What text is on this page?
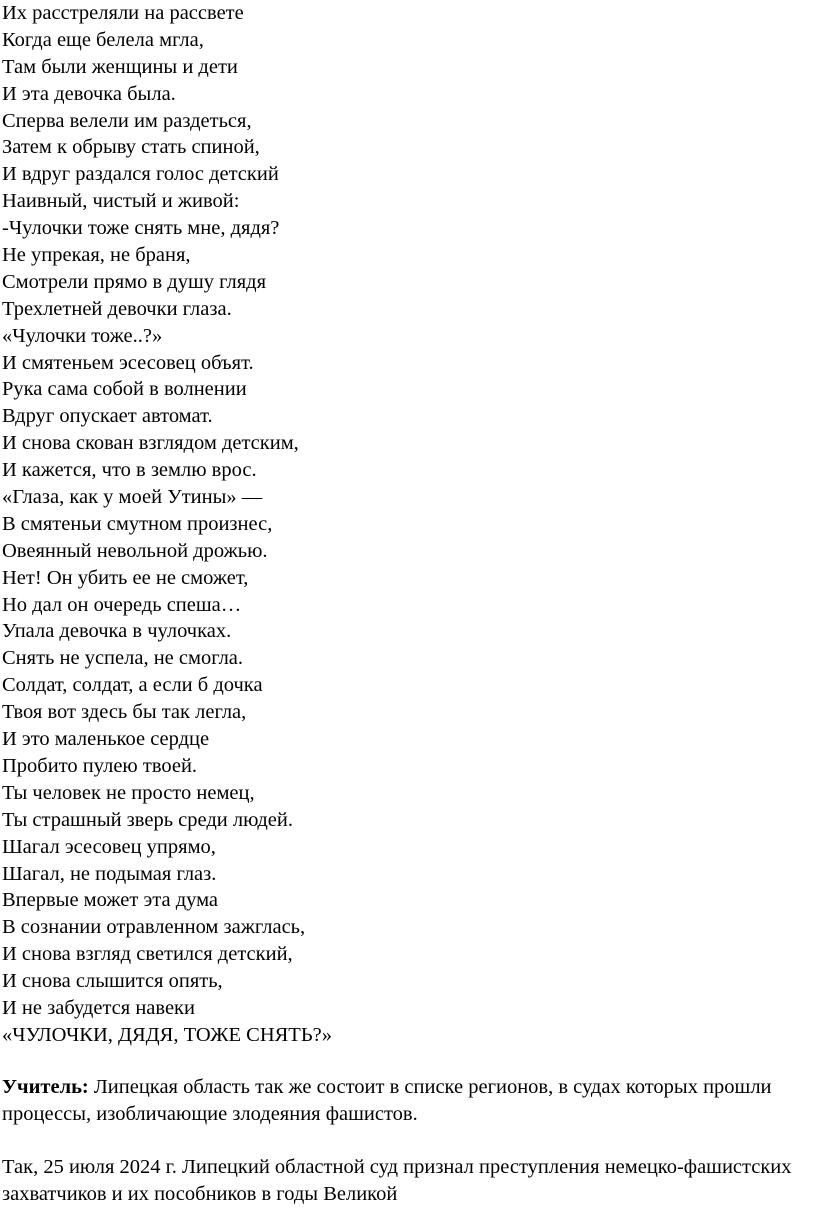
Их расстреляли на рассвете
Когда еще белела мгла,
Там были женщины и дети
И эта девочка была.
Сперва велели им раздеться,
Затем к обрыву стать спиной,
И вдруг раздался голос детский
Наивный, чистый и живой:
-Чулочки тоже снять мне, дядя?
Не упрекая, не браня,
Смотрели прямо в душу глядя
Трехлетней девочки глаза.
«Чулочки тоже..?»
И смятеньем эсесовец объят.
Рука сама собой в волнении
Вдруг опускает автомат.
И снова скован взглядом детским,
И кажется, что в землю врос.
«Глаза, как у моей Утины» —
В смятеньи смутном произнес,
Овеянный невольной дрожью.
Нет! Он убить ее не сможет,
Но дал он очередь спеша…
Упала девочка в чулочках.
Снять не успела, не смогла.
Солдат, солдат, а если б дочка
Твоя вот здесь бы так легла,
И это маленькое сердце
Пробито пулею твоей.
Ты человек не просто немец,
Ты страшный зверь среди людей.
Шагал эсесовец упрямо,
Шагал, не подымая глаз.
Впервые может эта дума
В сознании отравленном зажглась,
И снова взгляд светился детский,
И снова слышится опять,
И не забудется навеки
«ЧУЛОЧКИ, ДЯДЯ, ТОЖЕ СНЯТЬ?»

Учитель: Липецкая область так же состоит в списке регионов, в судах которых прошли процессы, изобличающие злодеяния фашистов.

Так, 25 июля 2024 г. Липецкий областной суд признал преступления немецко-фашистских захватчиков и их пособников в годы Великой
